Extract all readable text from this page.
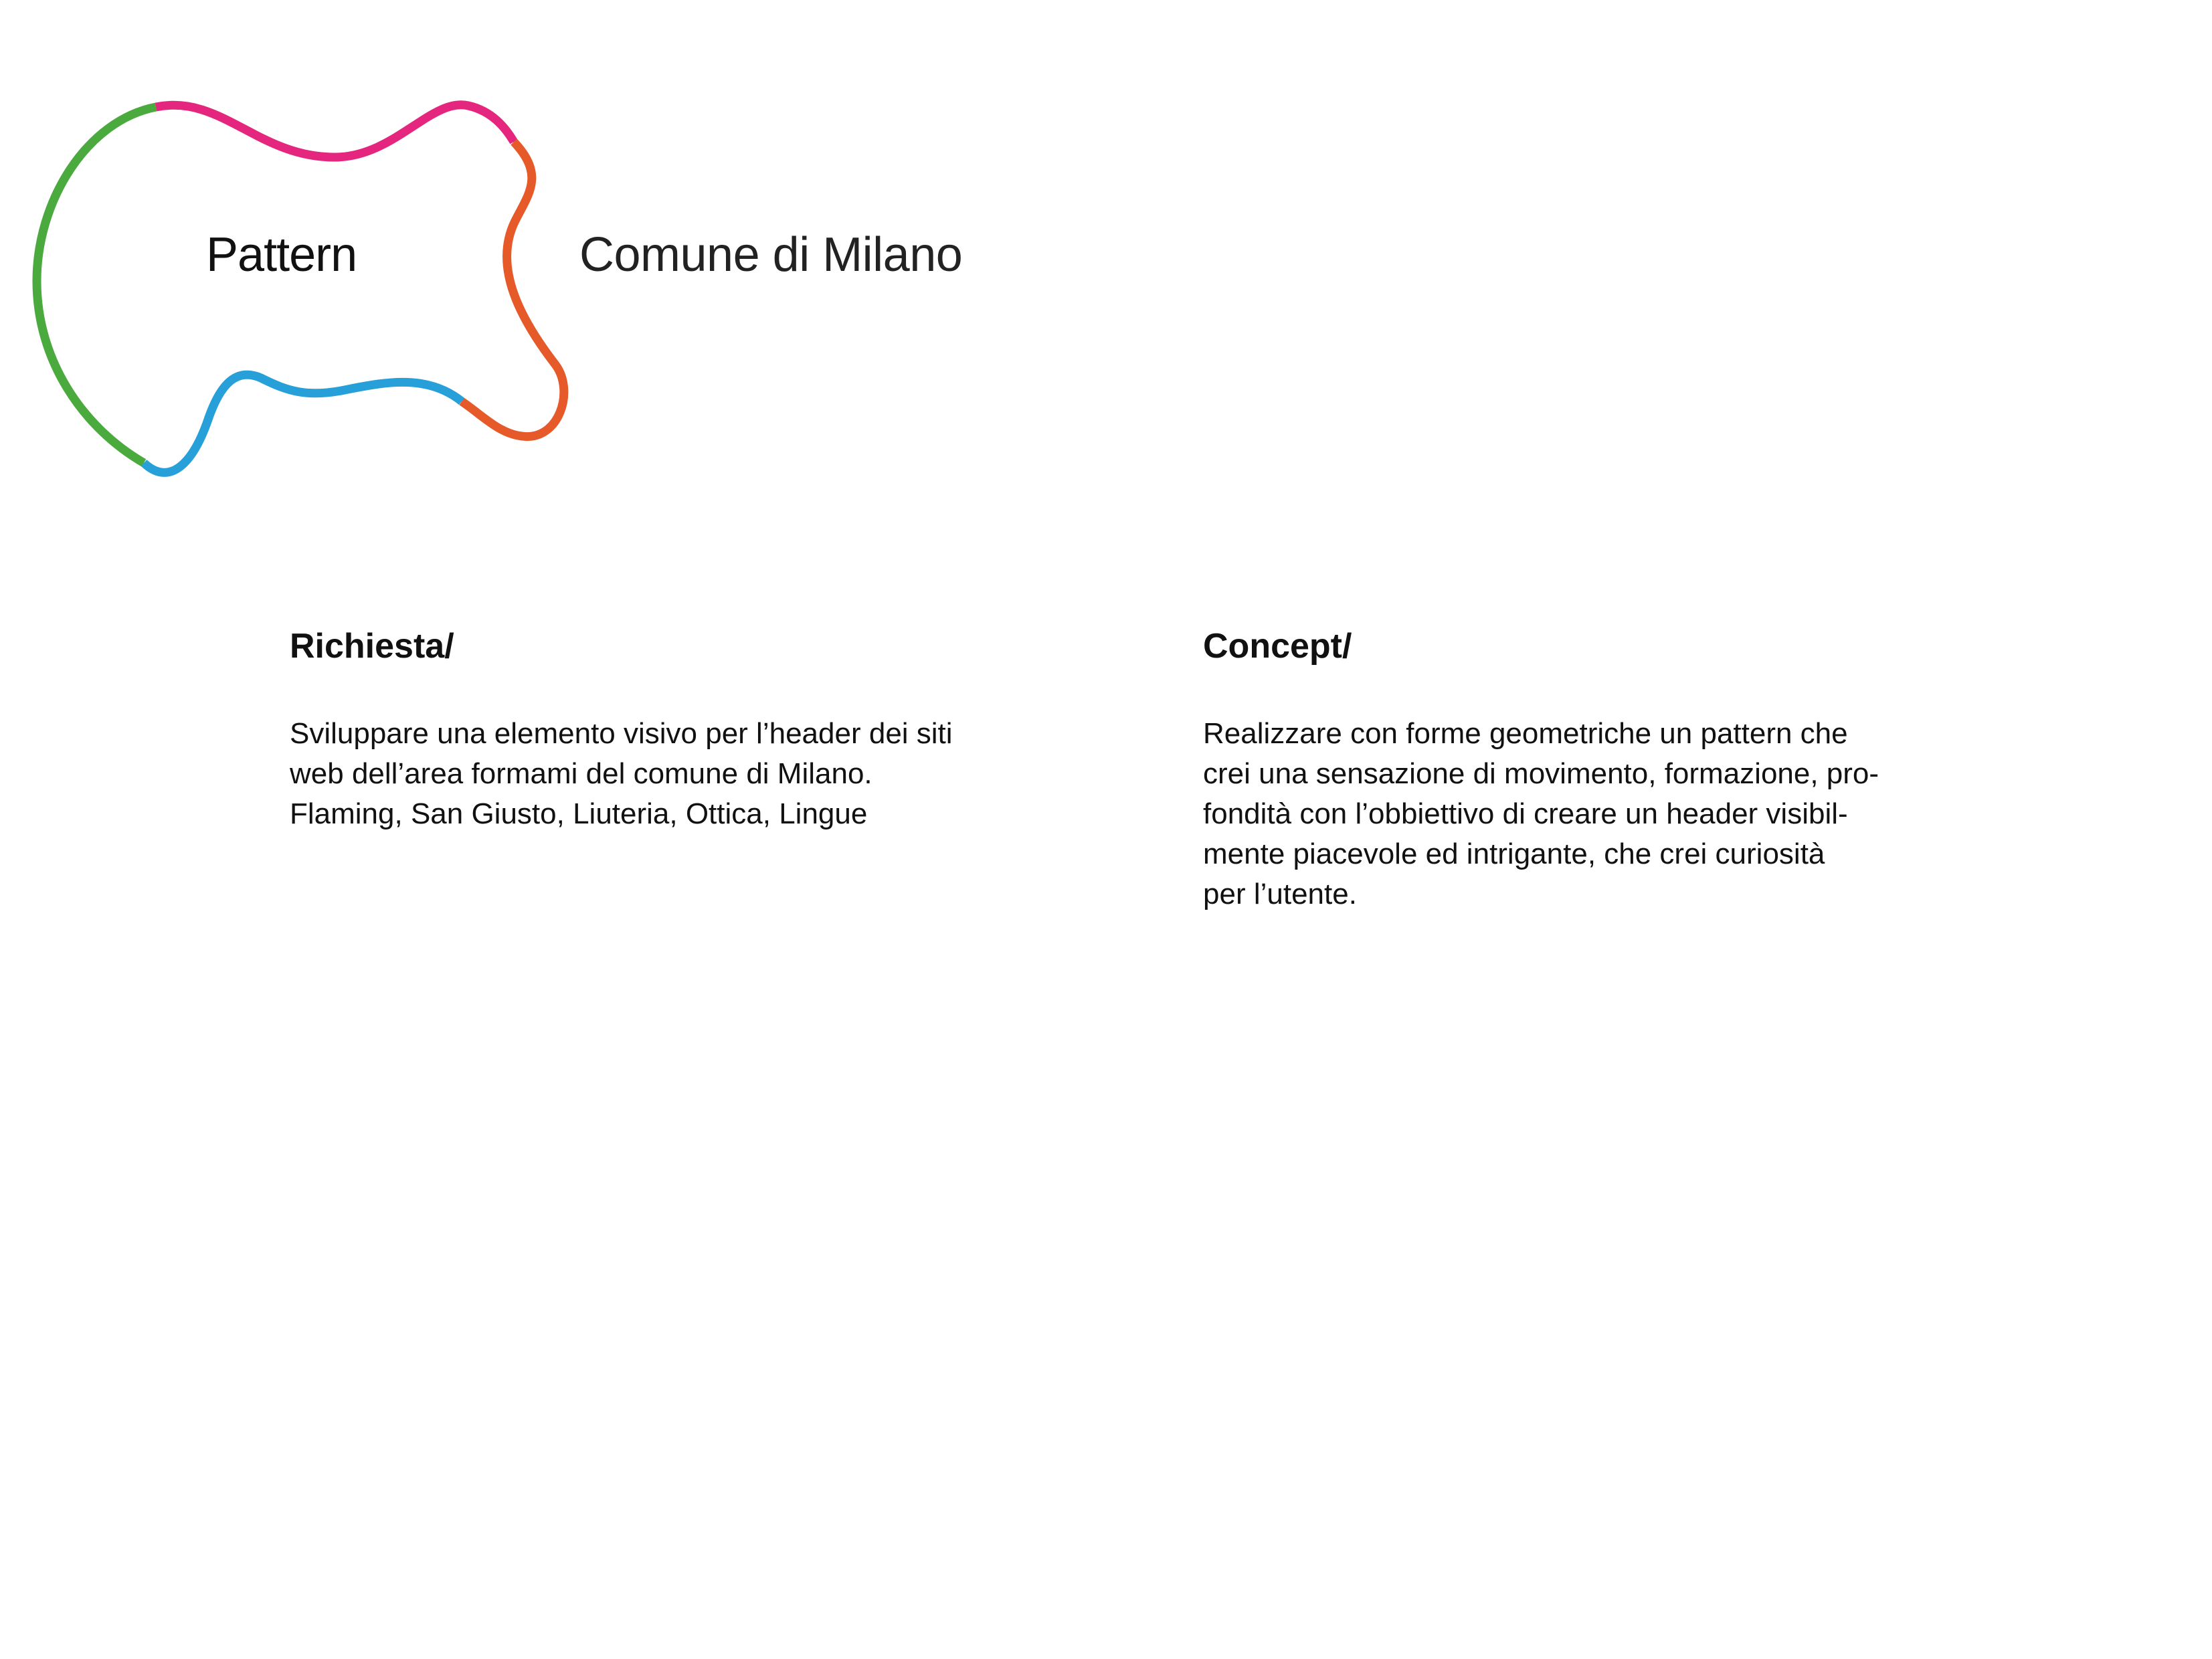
Pattern	Comune di Milano
Richiesta/

Sviluppare una elemento visivo per l’header dei siti
web dell’area formami del comune di Milano.
Flaming, San Giusto, Liuteria, Ottica, Lingue

Concept/

Realizzare con forme geometriche un pattern che
crei una sensazione di movimento, formazione, pro-
fondità con l’obbiettivo di creare un header visibil-
mente piacevole ed intrigante, che crei curiosità
per l’utente.
